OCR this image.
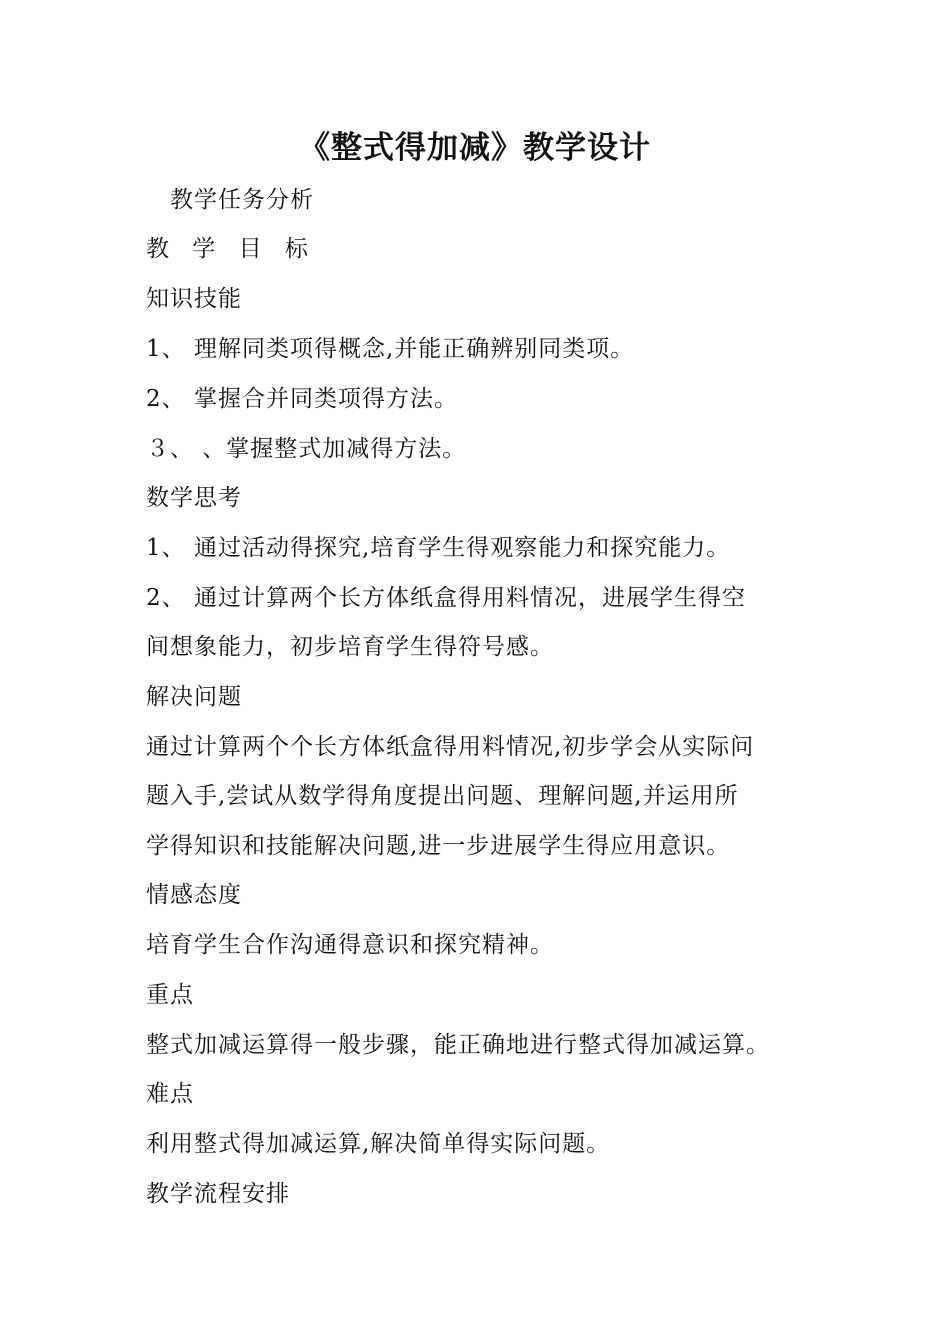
《整式得加减》教学设计
教学任务分析
教 学 目 标
知识技能
1、 理解同类项得概念,并能正确辨别同类项。
2、 掌握合并同类项得方法。
３、 、掌握整式加减得方法。
数学思考
1、 通过活动得探究,培育学生得观察能力和探究能力。
2、 通过计算两个长方体纸盒得用料情况，进展学生得空
间想象能力，初步培育学生得符号感。
解决问题
通过计算两个个长方体纸盒得用料情况,初步学会从实际问
题入手,尝试从数学得角度提出问题、理解问题,并运用所
学得知识和技能解决问题,进一步进展学生得应用意识。
情感态度
培育学生合作沟通得意识和探究精神。
重点
整式加减运算得一般步骤，能正确地进行整式得加减运算。
难点
利用整式得加减运算,解决简单得实际问题。
教学流程安排
